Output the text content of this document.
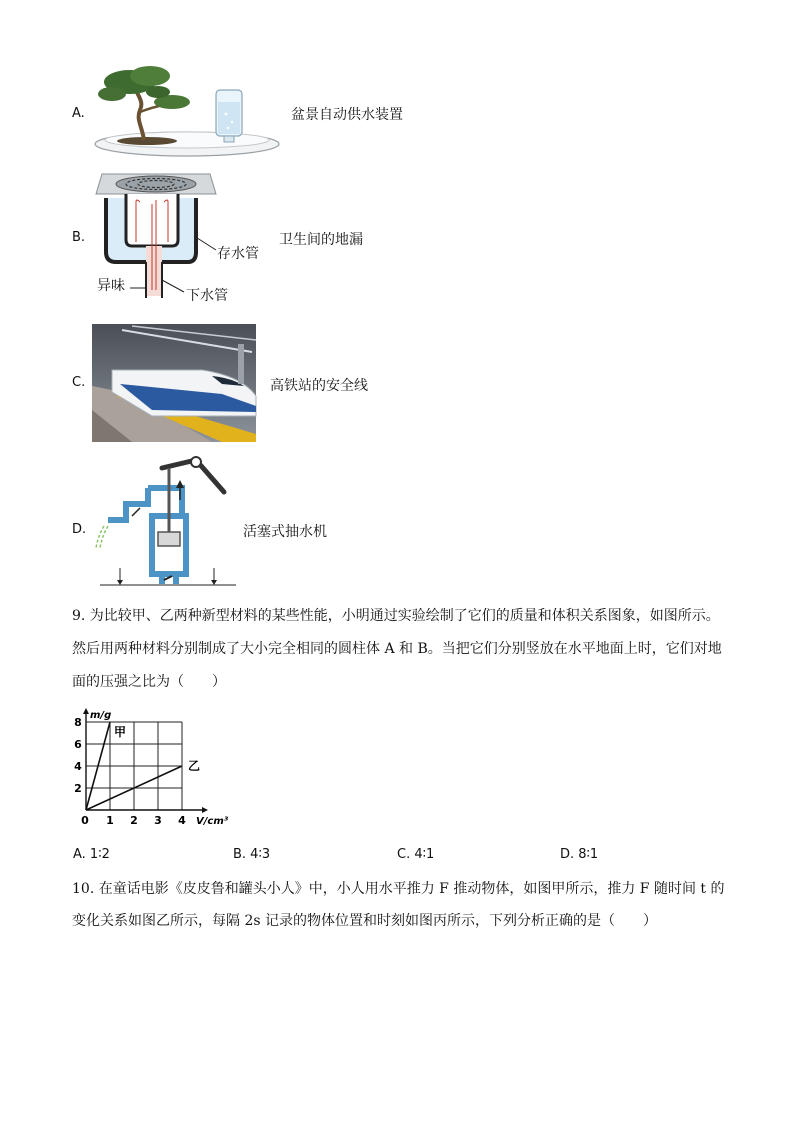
A.	盆景自动供水装置
B.
存水管
异味
下水管
卫生间的地漏
C.	高铁站的安全线
D.	活塞式抽水机
9. 为比较甲、乙两种新型材料的某些性能，小明通过实验绘制了它们的质量和体积关系图象，如图所示。
然后用两种材料分别制成了大小完全相同的圆柱体 A 和 B。当把它们分别竖放在水平地面上时，它们对地
面的压强之比为（　　）
0 1 2 3 4
2
4
6
8
V/cm³
m/g
甲
乙
A. 1∶2	B. 4∶3	C. 4∶1	D. 8∶1
10. 在童话电影《皮皮鲁和罐头小人》中，小人用水平推力 F 推动物体，如图甲所示，推力 F 随时间 t 的
变化关系如图乙所示，每隔 2s 记录的物体位置和时刻如图丙所示，下列分析正确的是（　　）
